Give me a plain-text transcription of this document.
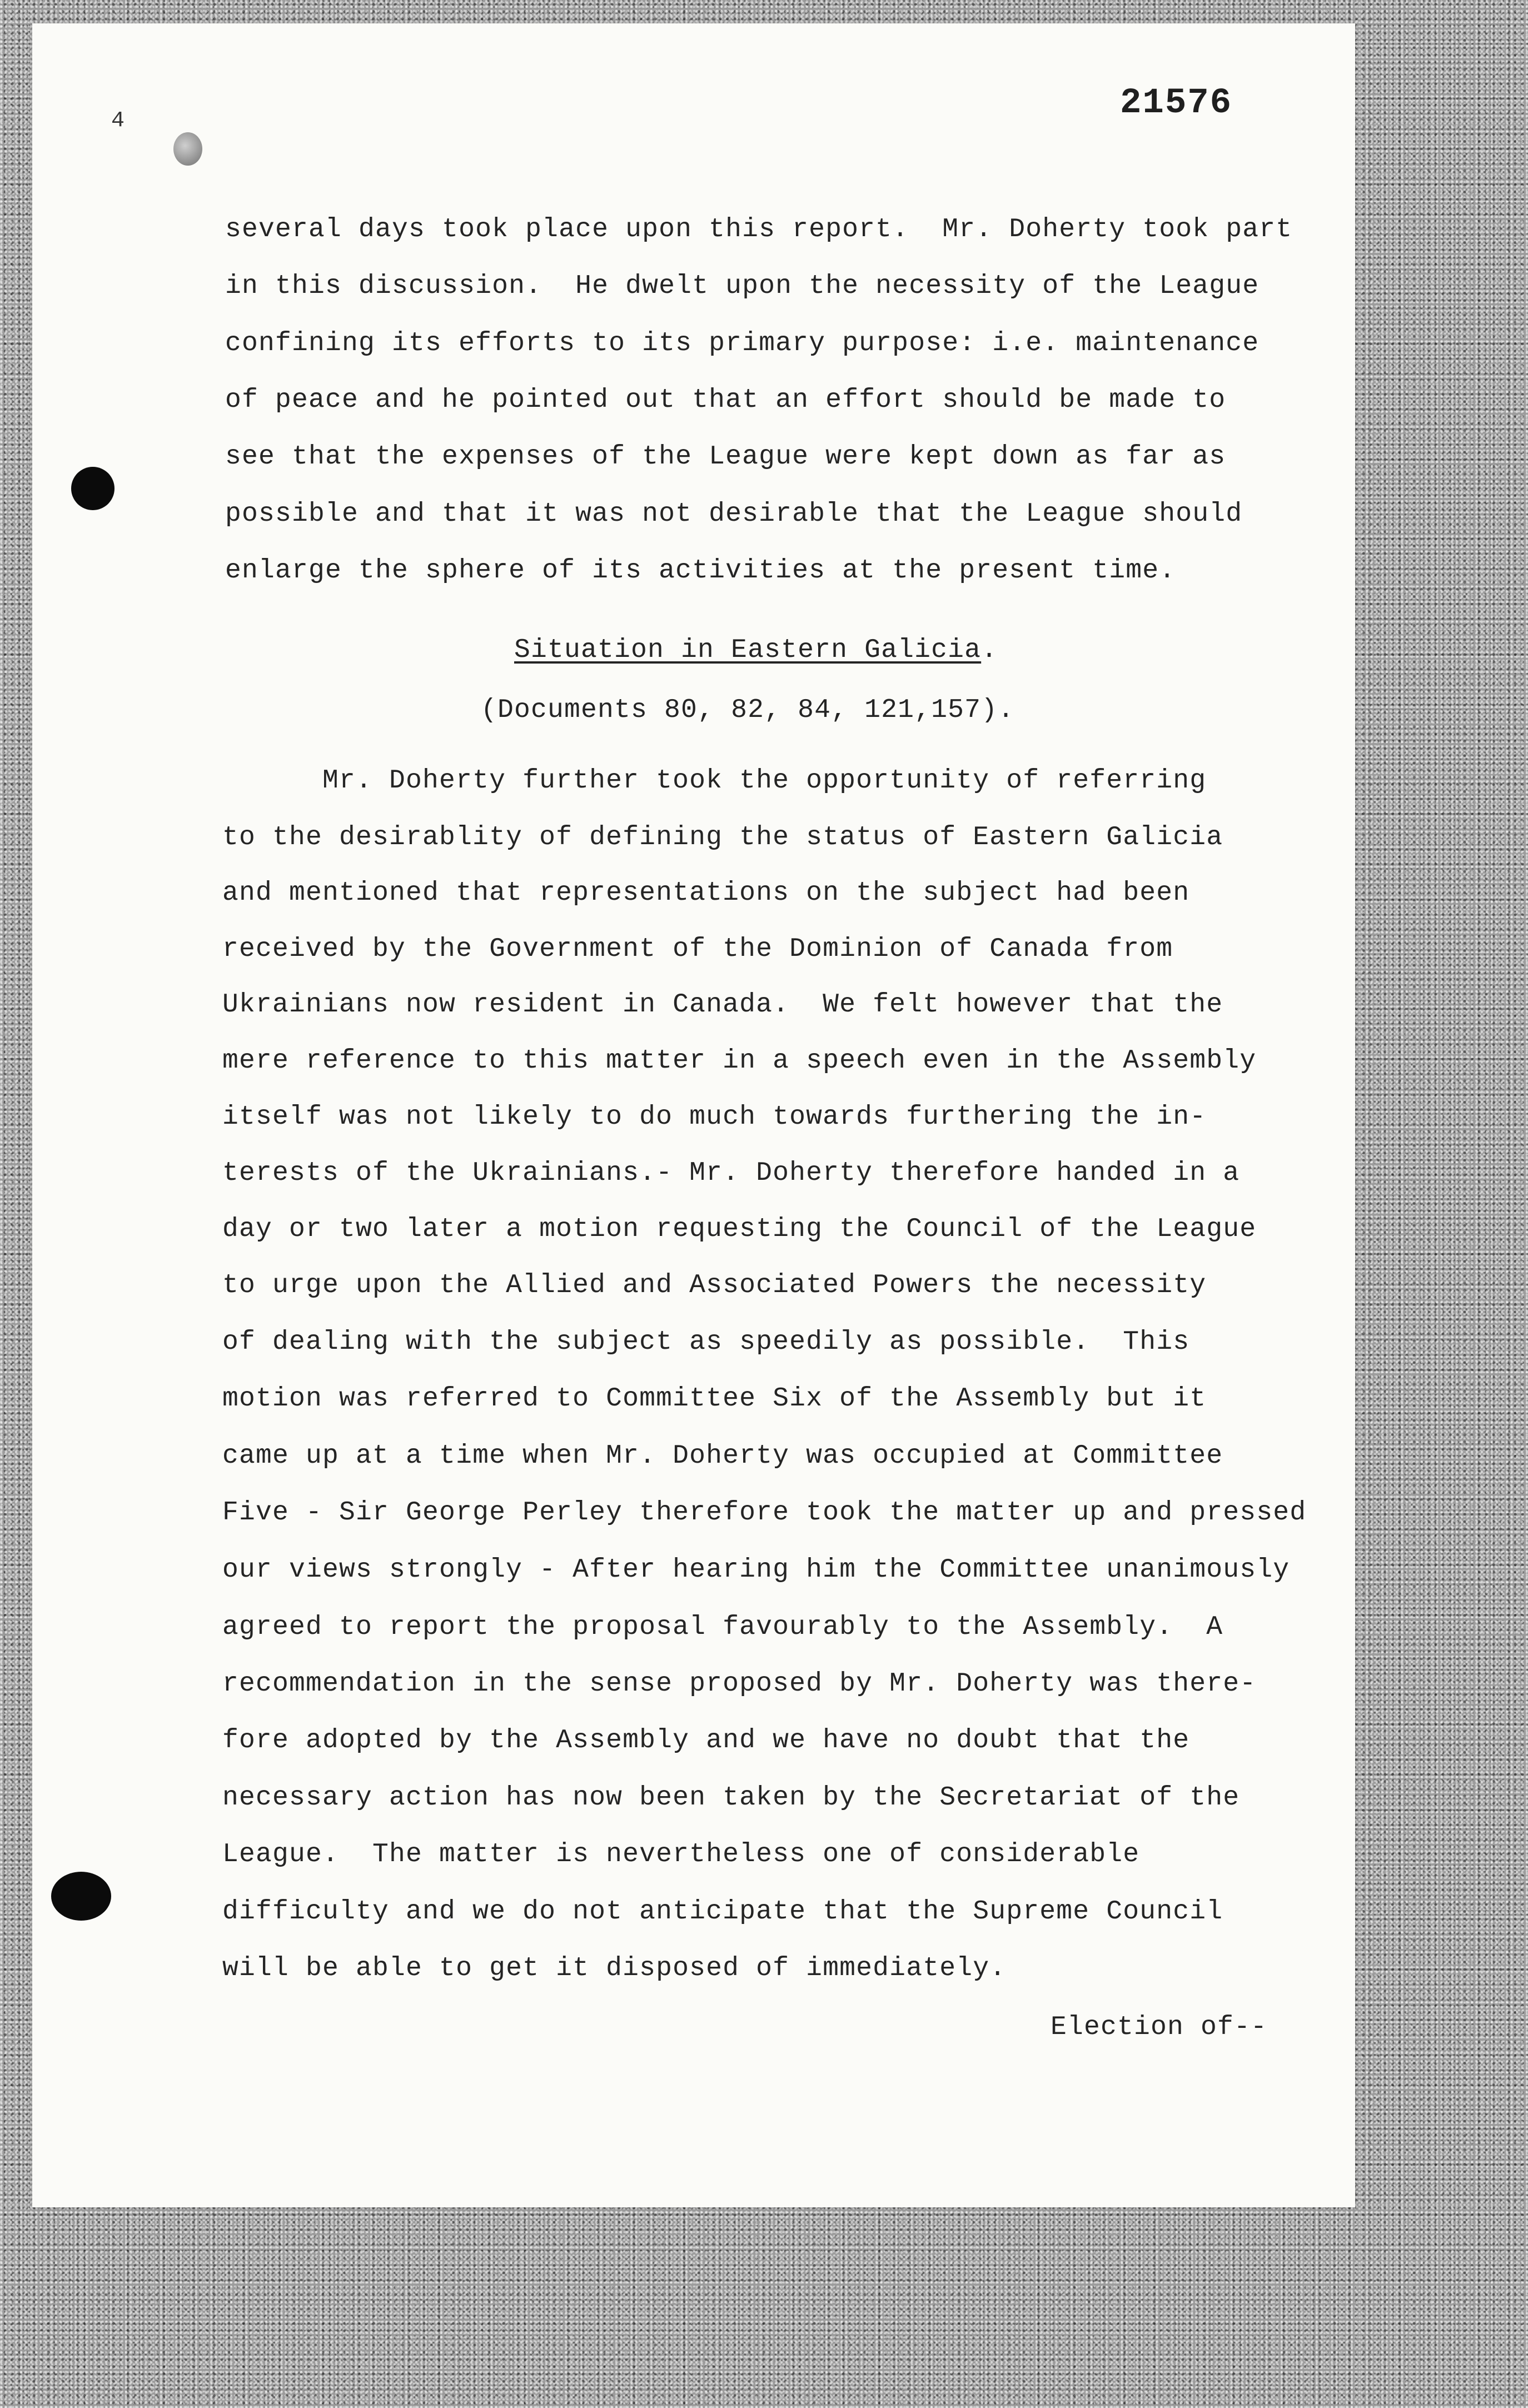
4	21576
several days took place upon this report.  Mr. Doherty took part
in this discussion.  He dwelt upon the necessity of the League
confining its efforts to its primary purpose: i.e. maintenance
of peace and he pointed out that an effort should be made to
see that the expenses of the League were kept down as far as
possible and that it was not desirable that the League should
enlarge the sphere of its activities at the present time.
Situation in Eastern Galicia.
(Documents 80, 82, 84, 121,157).
Mr. Doherty further took the opportunity of referring
to the desirablity of defining the status of Eastern Galicia
and mentioned that representations on the subject had been
received by the Government of the Dominion of Canada from
Ukrainians now resident in Canada.  We felt however that the
mere reference to this matter in a speech even in the Assembly
itself was not likely to do much towards furthering the in-
terests of the Ukrainians.- Mr. Doherty therefore handed in a
day or two later a motion requesting the Council of the League
to urge upon the Allied and Associated Powers the necessity
of dealing with the subject as speedily as possible.  This
motion was referred to Committee Six of the Assembly but it
came up at a time when Mr. Doherty was occupied at Committee
Five - Sir George Perley therefore took the matter up and pressed
our views strongly - After hearing him the Committee unanimously
agreed to report the proposal favourably to the Assembly.  A
recommendation in the sense proposed by Mr. Doherty was there-
fore adopted by the Assembly and we have no doubt that the
necessary action has now been taken by the Secretariat of the
League.  The matter is nevertheless one of considerable
difficulty and we do not anticipate that the Supreme Council
will be able to get it disposed of immediately.
Election of--
